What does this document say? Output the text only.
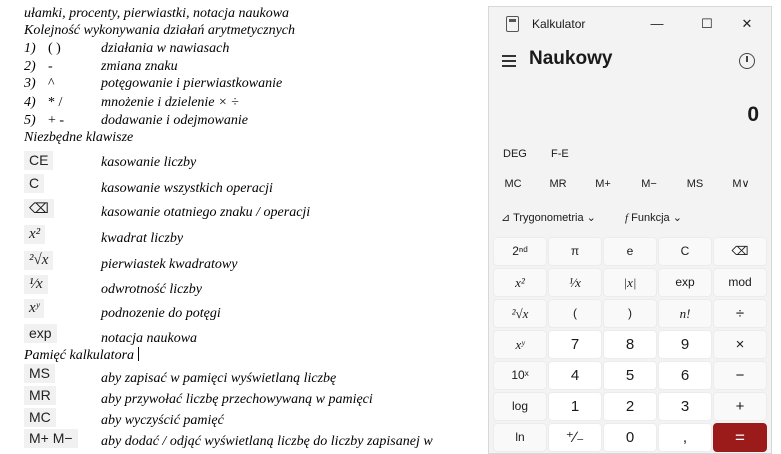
ułamki, procenty, pierwiastki, notacja naukowa
Kolejność wykonywania działań arytmetycznych
1) ( )	działania w nawiasach
2) -	zmiana znaku
3) ^	potęgowanie i pierwiastkowanie
4) * /	mnożenie i dzielenie × ÷
5) + -	dodawanie i odejmowanie
Niezbędne klawisze
CE	kasowanie liczby
C	kasowanie wszystkich operacji
⌫	kasowanie otatniego znaku / operacji
x²	kwadrat liczby
²√x	pierwiastek kwadratowy
¹⁄x	odwrotność liczby
xʸ	podnozenie do potęgi
exp	notacja naukowa
Pamięć kalkulatora
MS	aby zapisać w pamięci wyświetlaną liczbę
MR	aby przywołać liczbę przechowywaną w pamięci
MC	aby wyczyścić pamięć
M+ M−	aby dodać / odjąć wyświetlaną liczbę do liczby zapisanej w
Kalkulator	—	☐ ✕
Naukowy
0
DEG F-E
MC	MR	M+	M−	MS	M∨
⊿ Trygonometria ⌄	f Funkcja ⌄
2ⁿᵈ	π	e	C	⌫
x²	¹⁄x	|x|	exp	mod
²√x	(	)	n!	÷
xʸ	7	8	9	×
10ˣ	4	5	6	−
log	1	2	3	+
ln	⁺∕₋	0	,	=
